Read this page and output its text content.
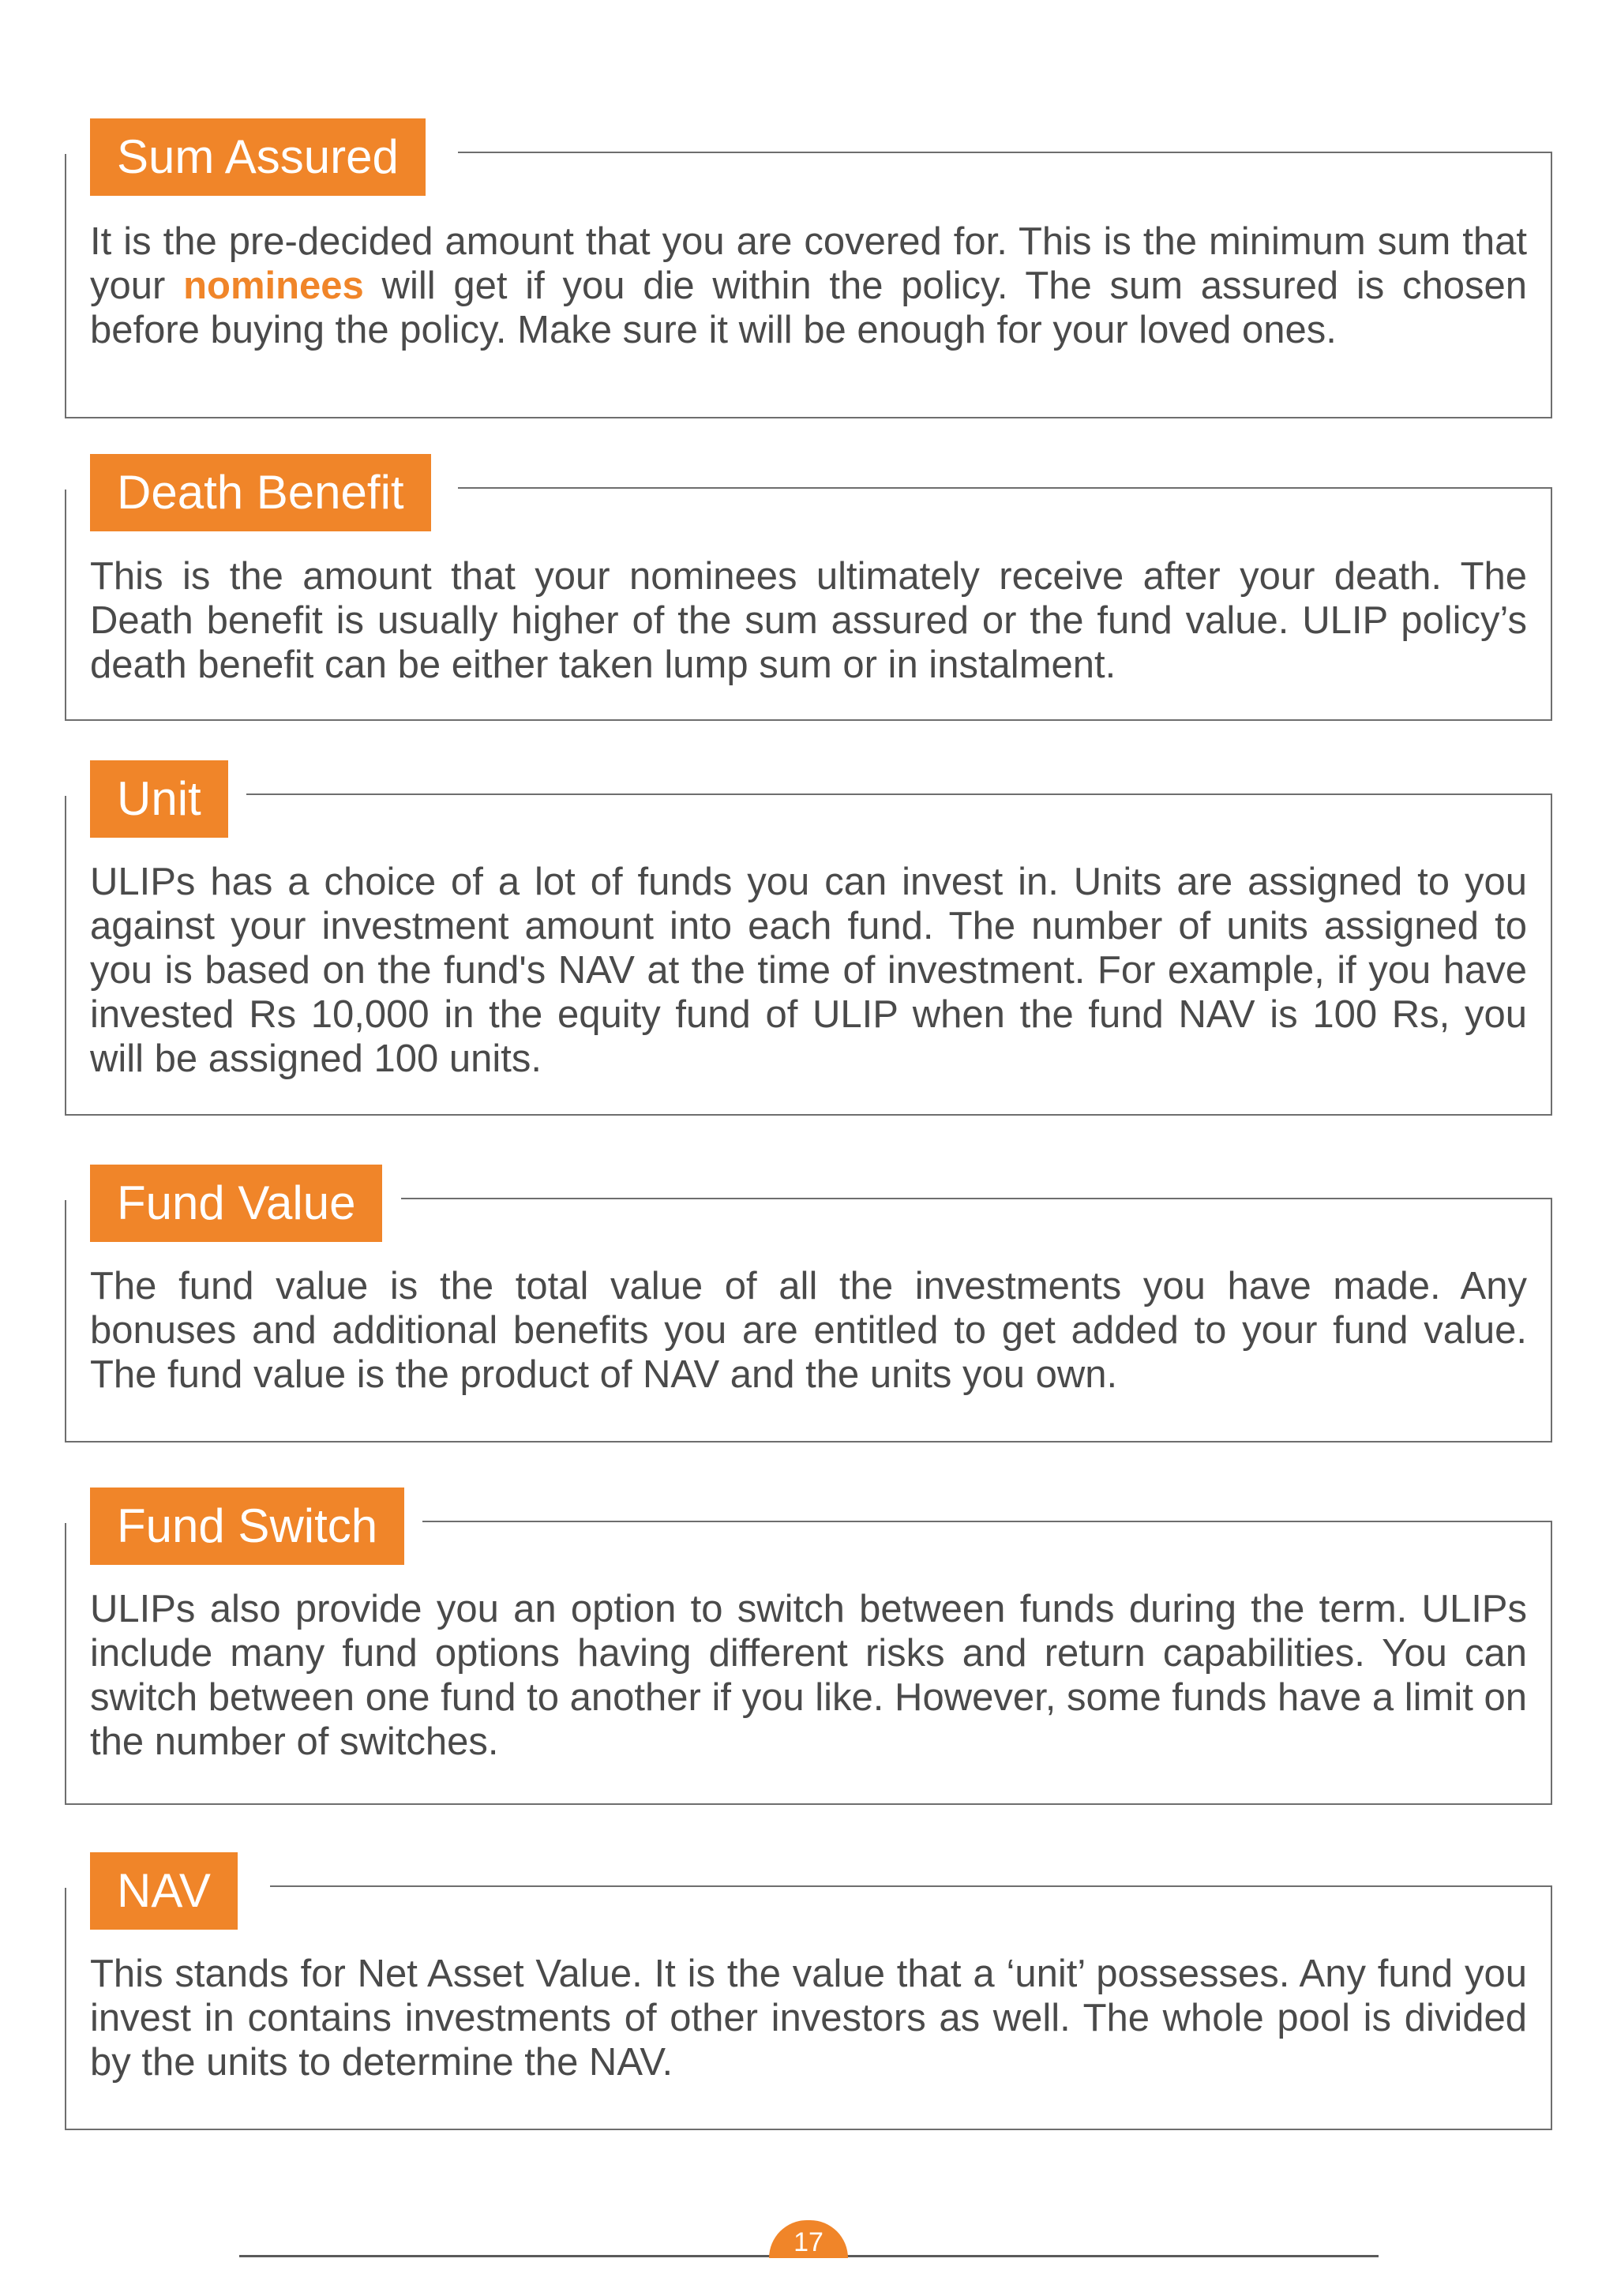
Sum Assured
It is the pre-decided amount that you are covered for. This is the minimum sum that your nominees will get if you die within the policy. The sum assured is chosen before buying the policy. Make sure it will be enough for your loved ones.
Death Benefit
This is the amount that your nominees ultimately receive after your death. The Death benefit is usually higher of the sum assured or the fund value. ULIP policy’s death benefit can be either taken lump sum or in instalment.
Unit
ULIPs has a choice of a lot of funds you can invest in. Units are assigned to you against your investment amount into each fund. The number of units assigned to you is based on the fund's NAV at the time of investment. For example, if you have invested Rs 10,000 in the equity fund of ULIP when the fund NAV is 100 Rs, you will be assigned 100 units.
Fund Value
The fund value is the total value of all the investments you have made. Any bonuses and additional benefits you are entitled to get added to your fund value. The fund value is the product of NAV and the units you own.
Fund Switch
ULIPs also provide you an option to switch between funds during the term. ULIPs include many fund options having different risks and return capabilities. You can switch between one fund to another if you like. However, some funds have a limit on the number of switches.
NAV
This stands for Net Asset Value. It is the value that a ‘unit’ possesses. Any fund you invest in contains investments of other investors as well. The whole pool is divided by the units to determine the NAV.
17
